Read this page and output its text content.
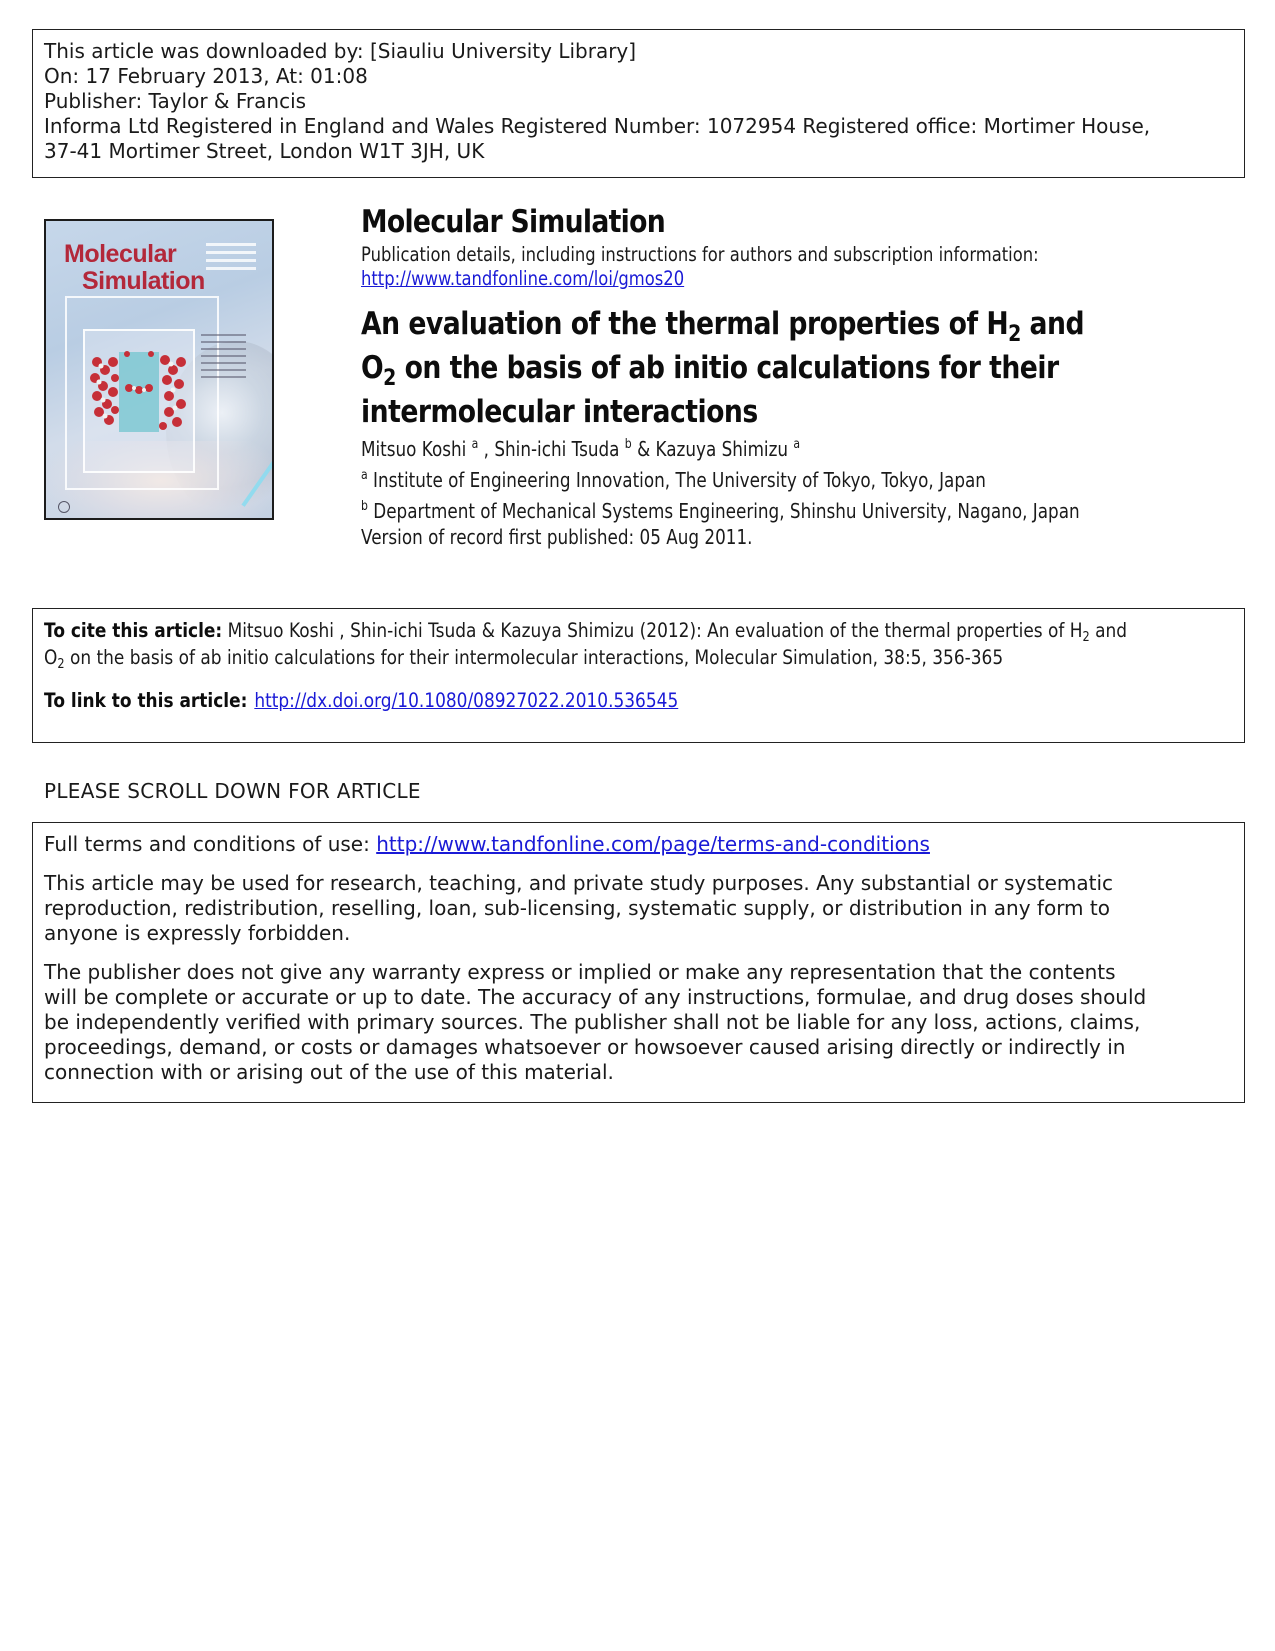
This article was downloaded by: [Siauliu University Library]
On: 17 February 2013, At: 01:08
Publisher: Taylor & Francis
Informa Ltd Registered in England and Wales Registered Number: 1072954 Registered office: Mortimer House,
37-41 Mortimer Street, London W1T 3JH, UK
Molecular
Simulation
Molecular Simulation
Publication details, including instructions for authors and subscription information:
http://www.tandfonline.com/loi/gmos20
An evaluation of the thermal properties of $H_2$ and
$O_2$ on the basis of ab initio calculations for their
intermolecular interactions
Mitsuo Koshi $^a$ , Shin-ichi Tsuda $^b$ & Kazuya Shimizu $^a$
$^a$ Institute of Engineering Innovation, The University of Tokyo, Tokyo, Japan
$^b$ Department of Mechanical Systems Engineering, Shinshu University, Nagano, Japan
Version of record first published: 05 Aug 2011.
To cite this article: Mitsuo Koshi , Shin-ichi Tsuda & Kazuya Shimizu (2012): An evaluation of the thermal properties of $H_2$ and
$O_2$ on the basis of ab initio calculations for their intermolecular interactions, Molecular Simulation, 38:5, 356-365
To link to this article: http://dx.doi.org/10.1080/08927022.2010.536545
PLEASE SCROLL DOWN FOR ARTICLE

Full terms and conditions of use: http://www.tandfonline.com/page/terms-and-conditions

This article may be used for research, teaching, and private study purposes. Any substantial or systematic
reproduction, redistribution, reselling, loan, sub-licensing, systematic supply, or distribution in any form to
anyone is expressly forbidden.

The publisher does not give any warranty express or implied or make any representation that the contents
will be complete or accurate or up to date. The accuracy of any instructions, formulae, and drug doses should
be independently verified with primary sources. The publisher shall not be liable for any loss, actions, claims,
proceedings, demand, or costs or damages whatsoever or howsoever caused arising directly or indirectly in
connection with or arising out of the use of this material.
